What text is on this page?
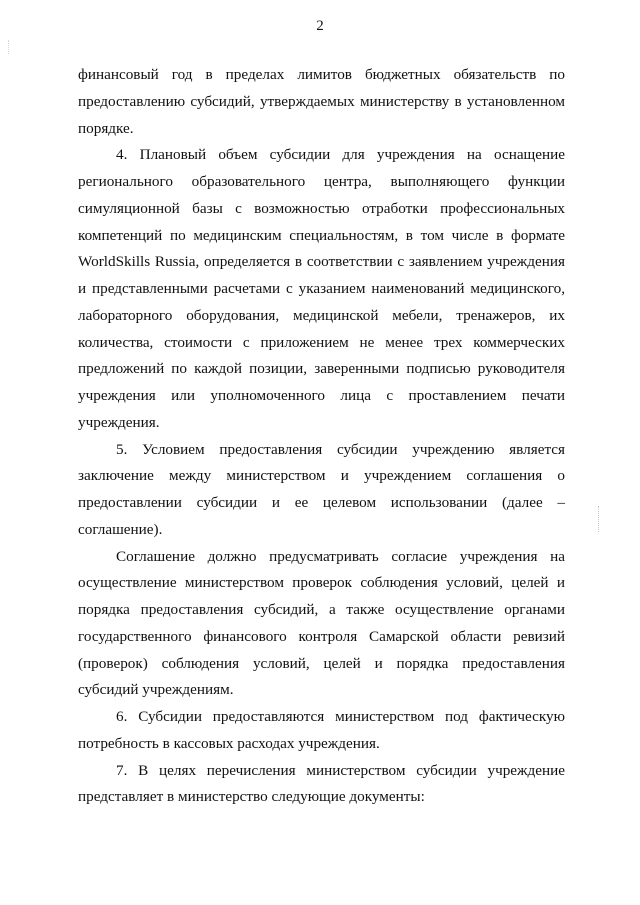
2
финансовый год в пределах лимитов бюджетных обязательств по
предоставлению субсидий, утверждаемых министерству в установленном
порядке.
4. Плановый объем субсидии для учреждения на оснащение
регионального образовательного центра, выполняющего функции
симуляционной базы с возможностью отработки профессиональных
компетенций по медицинским специальностям, в том числе в формате
WorldSkills Russia, определяется в соответствии с заявлением учреждения
и представленными расчетами с указанием наименований медицинского,
лабораторного оборудования, медицинской мебели, тренажеров, их
количества, стоимости с приложением не менее трех коммерческих
предложений по каждой позиции, заверенными подписью руководителя
учреждения или уполномоченного лица с проставлением печати
учреждения.
5. Условием предоставления субсидии учреждению является
заключение между министерством и учреждением соглашения о
предоставлении субсидии и ее целевом использовании (далее –
соглашение).
Соглашение должно предусматривать согласие учреждения на
осуществление министерством проверок соблюдения условий, целей и
порядка предоставления субсидий, а также осуществление органами
государственного финансового контроля Самарской области ревизий
(проверок) соблюдения условий, целей и порядка предоставления
субсидий учреждениям.
6. Субсидии предоставляются министерством под фактическую
потребность в кассовых расходах учреждения.
7. В целях перечисления министерством субсидии учреждение
представляет в министерство следующие документы:
